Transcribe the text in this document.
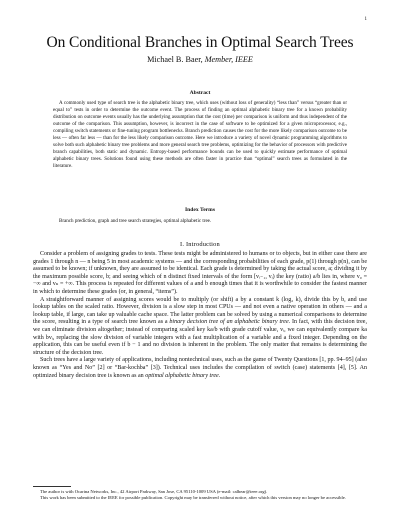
1
On Conditional Branches in Optimal Search Trees
Michael B. Baer, Member, IEEE
Abstract
A commonly used type of search tree is the alphabetic binary tree, which uses (without loss of generality) “less than” versus “greater than or equal to” tests in order to determine the outcome event. The process of finding an optimal alphabetic binary tree for a known probability distribution on outcome events usually has the underlying assumption that the cost (time) per comparison is uniform and thus independent of the outcome of the comparison. This assumption, however, is incorrect in the case of software to be optimized for a given microprocessor, e.g., compiling switch statements or fine-tuning program bottlenecks. Branch prediction causes the cost for the more likely comparison outcome to be less — often far less — than for the less likely comparison outcome. Here we introduce a variety of novel dynamic programming algorithms to solve both such alphabetic binary tree problems and more general search tree problems, optimizing for the behavior of processors with predictive branch capabilities, both static and dynamic. Entropy-based performance bounds can be used to quickly estimate performance of optimal alphabetic binary trees. Solutions found using these methods are often faster in practice than “optimal” search trees as formulated in the literature.
Index Terms
Branch prediction, graph and tree search strategies, optimal alphabetic tree.
I. Introduction

Consider a problem of assigning grades to tests. These tests might be administered to humans or to objects, but in either case there are grades 1 through n — n being 5 in most academic systems — and the corresponding probabilities of each grade, p(1) through p(n), can be assumed to be known; if unknown, they are assumed to be identical. Each grade is determined by taking the actual score, a; dividing it by the maximum possible score, b; and seeing which of n distinct fixed intervals of the form [vᵢ₋₁, vᵢ) the key (ratio) a/b lies in, where v₀ = −∞ and vₙ = +∞. This process is repeated for different values of a and b enough times that it is worthwhile to consider the fastest manner in which to determine these grades (or, in general, “items”).

A straightforward manner of assigning scores would be to multiply (or shift) a by a constant k (log₂ k), divide this by b, and use lookup tables on the scaled ratio. However, division is a slow step in most CPUs — and not even a native operation in others — and a lookup table, if large, can take up valuable cache space. The latter problem can be solved by using a numerical comparisons to determine the score, resulting in a type of search tree known as a binary decision tree of an alphabetic binary tree. In fact, with this decision tree, we can eliminate division altogether; instead of comparing scaled key ka/b with grade cutoff value, vᵢ, we can equivalently compare ka with bvᵢ, replacing the slow division of variable integers with a fast multiplication of a variable and a fixed integer. Depending on the application, this can be useful even if b − 1 and no division is inherent in the problem. The only matter that remains is determining the structure of the decision tree.

Such trees have a large variety of applications, including nontechnical uses, such as the game of Twenty Questions [1, pp. 94–95] (also known as “Yes and No” [2] or “Bar-kochba” [3]). Technical uses includes the compilation of switch (case) statements [4], [5]. An optimized binary decision tree is known as an optimal alphabetic binary tree.

The author is with Ocarina Networks, Inc., 42 Airport Parkway, San Jose, CA 95110-1009 USA (e-mail: calbear@ieee.org).

This work has been submitted to the IEEE for possible publication. Copyright may be transferred without notice, after which this version may no longer be accessible.
